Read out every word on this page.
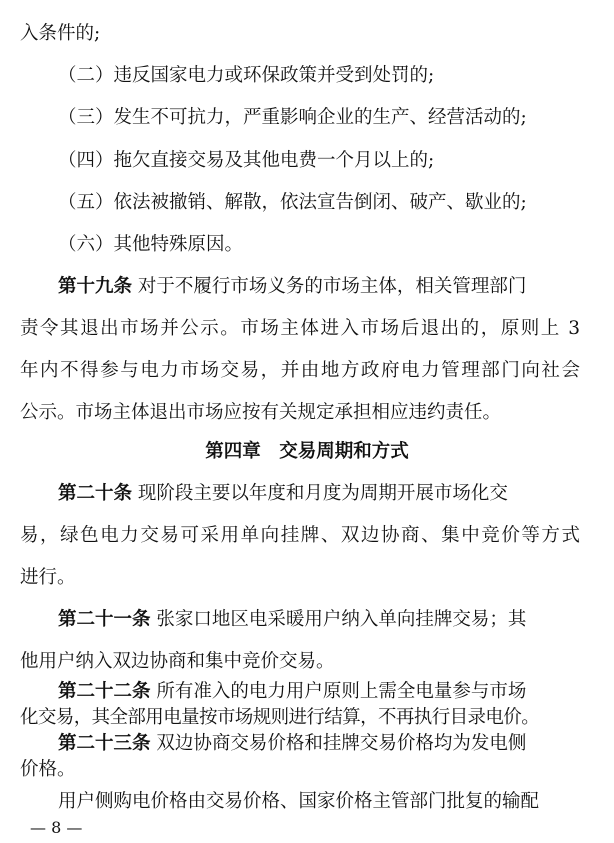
入条件的;
（二）违反国家电力或环保政策并受到处罚的;
（三）发生不可抗力，严重影响企业的生产、经营活动的;
（四）拖欠直接交易及其他电费一个月以上的;
（五）依法被撤销、解散，依法宣告倒闭、破产、歇业的;
（六）其他特殊原因。
第十九条 对于不履行市场义务的市场主体，相关管理部门
责令其退出市场并公示。市场主体进入市场后退出的，原则上 3
年内不得参与电力市场交易，并由地方政府电力管理部门向社会
公示。市场主体退出市场应按有关规定承担相应违约责任。
第四章　交易周期和方式
第二十条 现阶段主要以年度和月度为周期开展市场化交
易，绿色电力交易可采用单向挂牌、双边协商、集中竞价等方式
进行。
第二十一条 张家口地区电采暖用户纳入单向挂牌交易；其
他用户纳入双边协商和集中竞价交易。
第二十二条 所有准入的电力用户原则上需全电量参与市场
化交易，其全部用电量按市场规则进行结算，不再执行目录电价。
第二十三条 双边协商交易价格和挂牌交易价格均为发电侧
— 8 —
价格。
用户侧购电价格由交易价格、国家价格主管部门批复的输配
